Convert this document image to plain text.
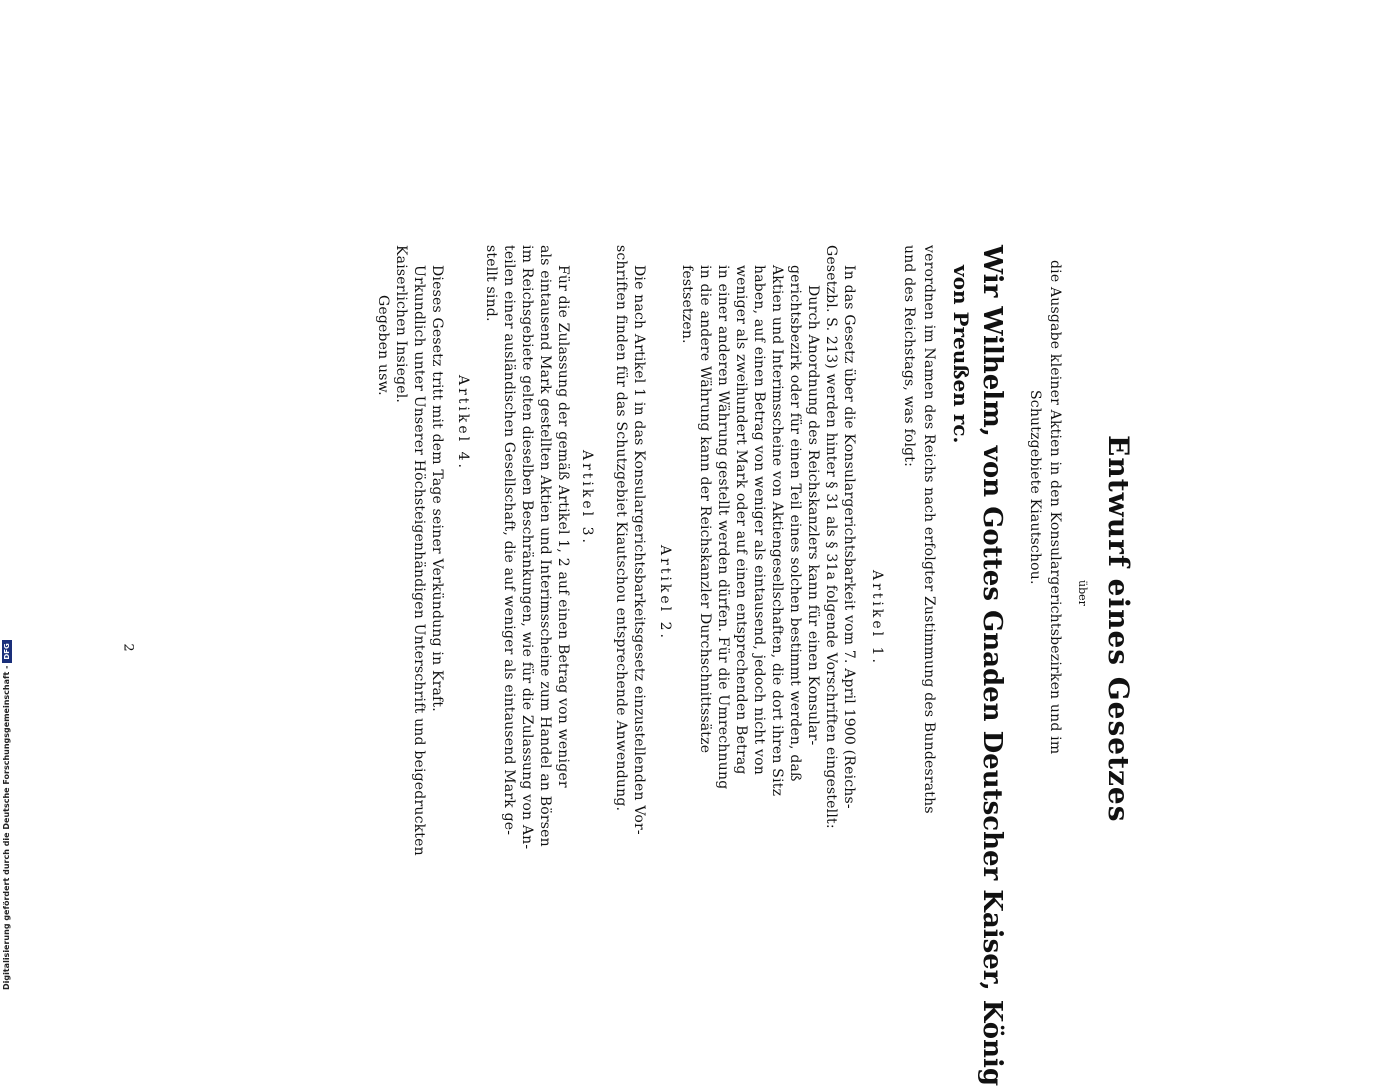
Entwurf eines Gesetzes
über
die Ausgabe kleiner Aktien in den Konsulargerichtsbezirken und im
Schutzgebiete Kiautschou.
Wir Wilhelm, von Gottes Gnaden Deutscher Kaiser, König
von Preußen rc.
verordnen im Namen des Reichs nach erfolgter Zustimmung des Bundesraths
und des Reichstags, was folgt:
Artikel 1.
In das Gesetz über die Konsulargerichtsbarkeit vom 7. April 1900 (Reichs-
Gesetzbl. S. 213) werden hinter § 31 als § 31a folgende Vorschriften eingestellt:
Durch Anordnung des Reichskanzlers kann für einen Konsular-
gerichtsbezirk oder für einen Teil eines solchen bestimmt werden, daß
Aktien und Interimsscheine von Aktiengesellschaften, die dort ihren Sitz
haben, auf einen Betrag von weniger als eintausend, jedoch nicht von
weniger als zweihundert Mark oder auf einen entsprechenden Betrag
in einer anderen Währung gestellt werden dürfen. Für die Umrechnung
in die andere Währung kann der Reichskanzler Durchschnittssätze
festsetzen.
Artikel 2.
Die nach Artikel 1 in das Konsulargerichtsbarkeitsgesetz einzustellenden Vor-
schriften finden für das Schutzgebiet Kiautschou entsprechende Anwendung.
Artikel 3.
Für die Zulassung der gemäß Artikel 1, 2 auf einen Betrag von weniger
als eintausend Mark gestellten Aktien und Interimsscheine zum Handel an Börsen
im Reichsgebiete gelten dieselben Beschränkungen, wie für die Zulassung von An-
teilen einer ausländischen Gesellschaft, die auf weniger als eintausend Mark ge-
stellt sind.
Artikel 4.
Dieses Gesetz tritt mit dem Tage seiner Verkündung in Kraft.
Urkundlich unter Unserer Höchsteigenhändigen Unterschrift und beigedruckten
Kaiserlichen Insiegel.
Gegeben usw.
2
Digitalisierung gefördert durch die Deutsche Forschungsgemeinschaft -DFG
